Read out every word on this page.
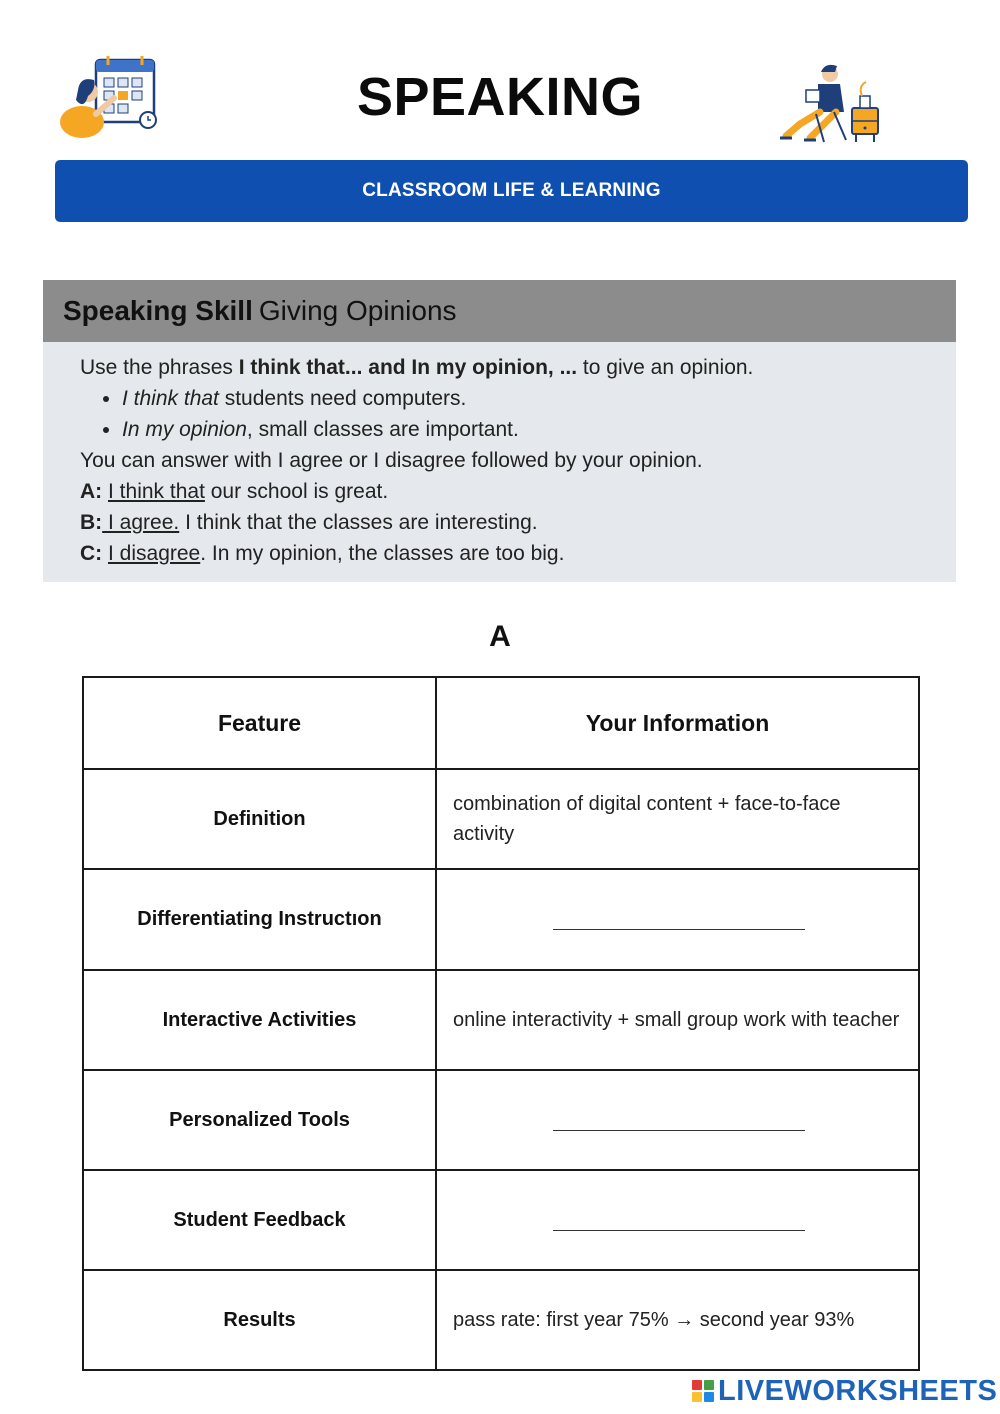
SPEAKING
CLASSROOM LIFE & LEARNING
Speaking Skill Giving Opinions
Use the phrases I think that... and In my opinion, ... to give an opinion.
• I think that students need computers.
• In my opinion, small classes are important.
You can answer with I agree or I disagree followed by your opinion.
A: I think that our school is great.
B: I agree. I think that the classes are interesting.
C: I disagree. In my opinion, the classes are too big.
A
Feature	Your Information
Definition	combination of digital content + face-to-face activity
Differentiating Instructıon	

Interactive Activities	online interactivity + small group work with teacher
Personalized Tools	

Student Feedback	

Results	pass rate: first year 75% → second year 93%
LIVEWORKSHEETS
